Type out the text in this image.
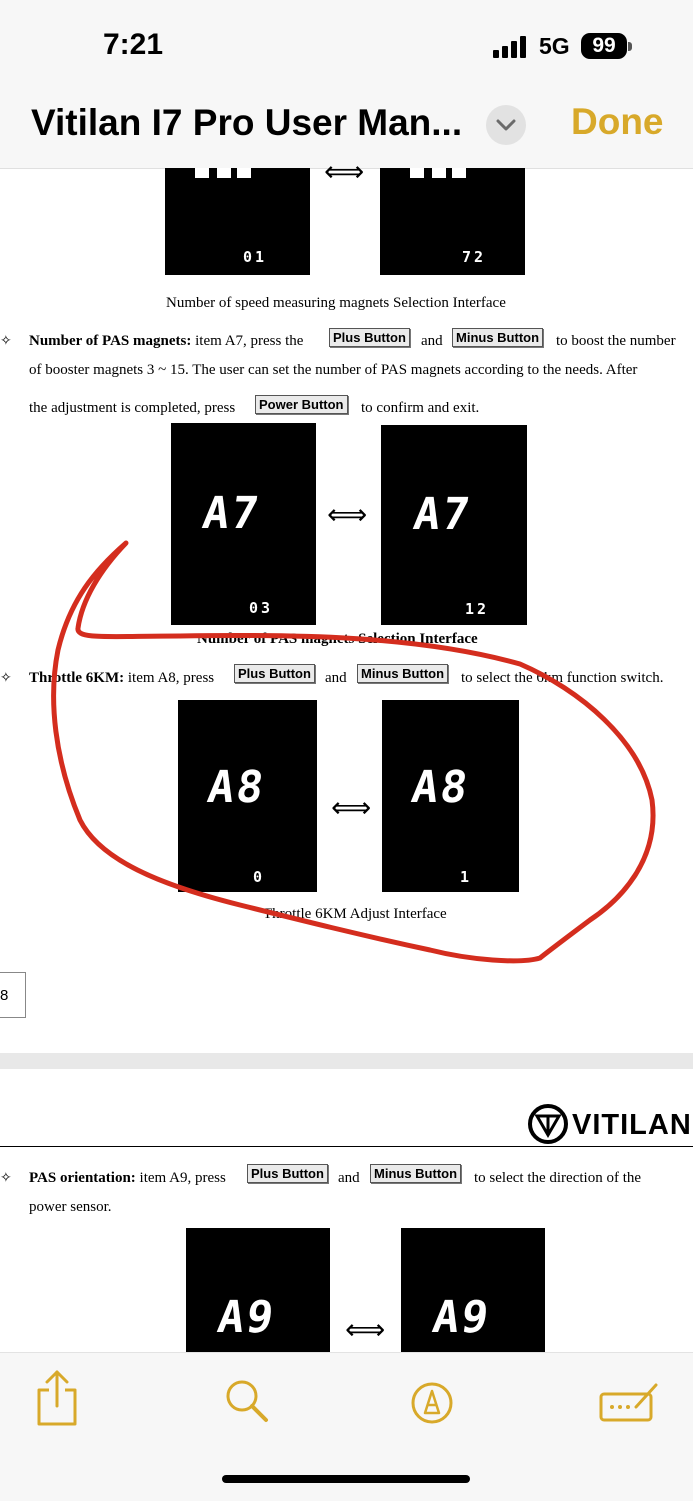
7:21	5G	99
Vitilan I7 Pro User Man...	Done
01
⟺
72
Number of speed measuring magnets Selection Interface
✧ Number of PAS magnets: item A7, press the	Plus Button and	Minus Button to boost the number
of booster magnets 3 ~ 15. The user can set the number of PAS magnets according to the needs. After
the adjustment is completed, press	Power Button to confirm and exit.
A7
03
⟺ A7
12
Number of PAS magnets Selection Interface
✧ Throttle 6KM: item A8, press	Plus Button and	Minus Button to select the 6km function switch.
A8
0
⟺ A8
1
Throttle 6KM Adjust Interface
8
VITILAN
✧ PAS orientation: item A9, press	Plus Button and	Minus Button to select the direction of the
power sensor.
A9 ⟺ A9
